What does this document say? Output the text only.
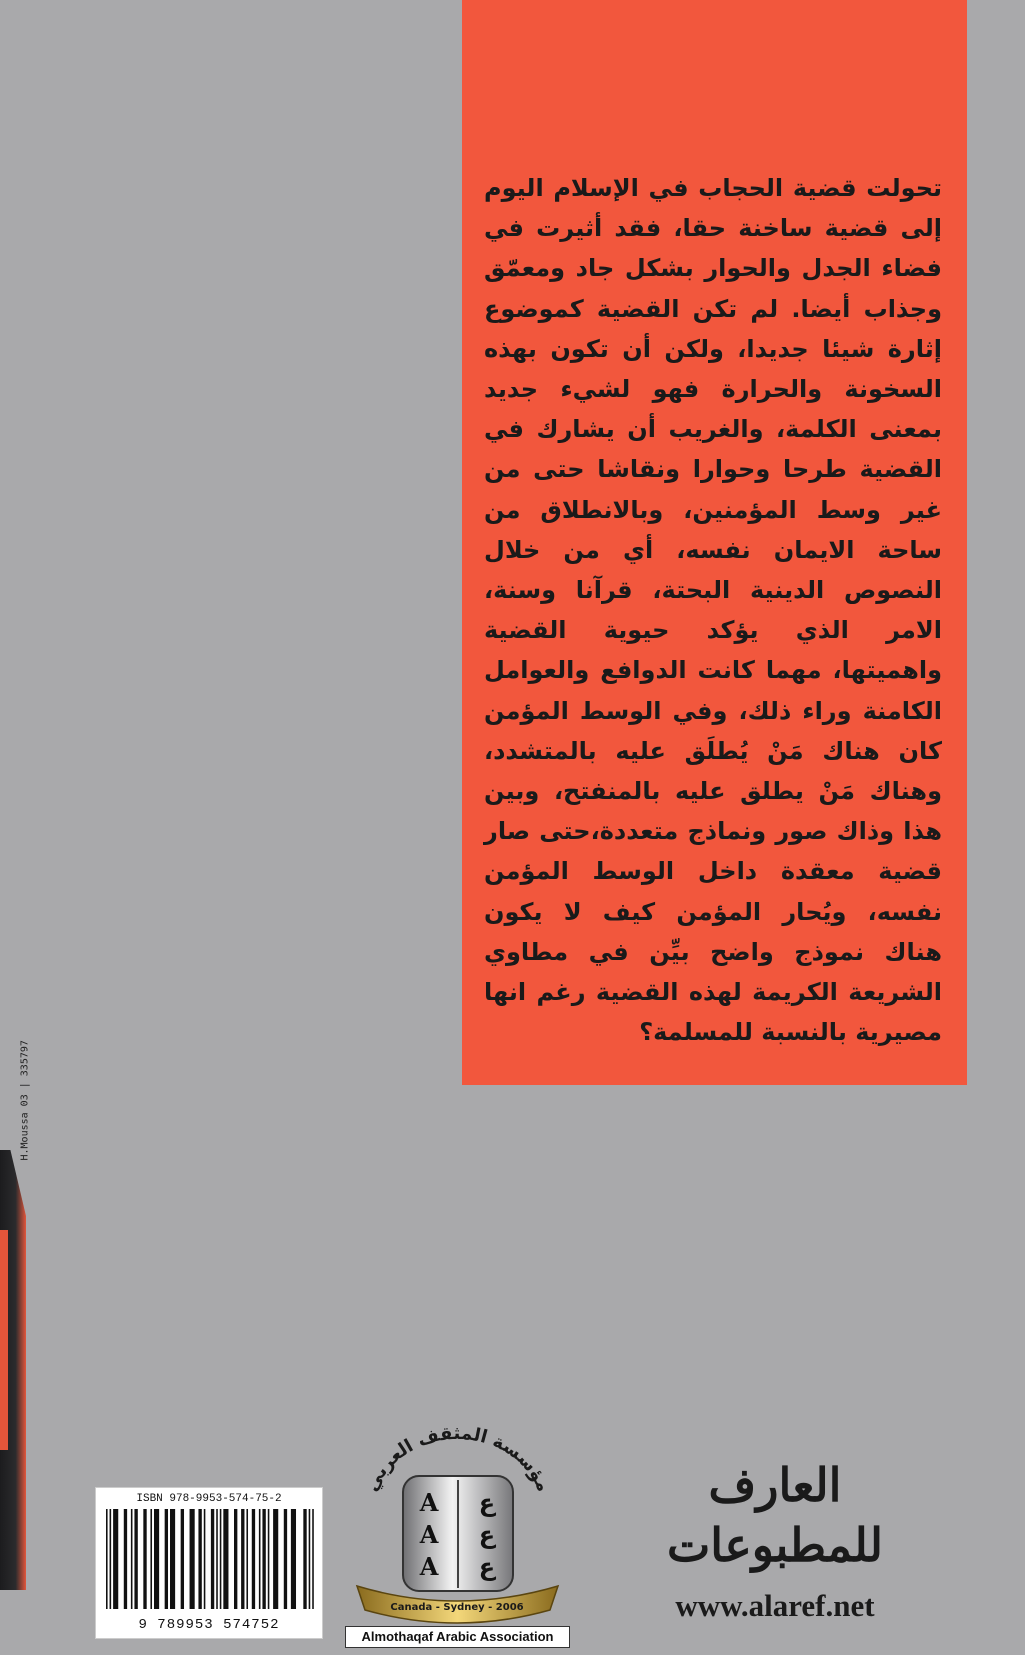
H.Moussa 03 | 335797

تحولت قضية الحجاب في الإسلام اليوم إلى قضية ساخنة حقا، فقد أثيرت في فضاء الجدل والحوار بشكل جاد ومعمّق وجذاب أيضا. لم تكن القضية كموضوع إثارة شيئا جديدا، ولكن أن تكون بهذه السخونة والحرارة فهو لشيء جديد بمعنى الكلمة، والغريب أن يشارك في القضية طرحا وحوارا ونقاشا حتى من غير وسط المؤمنين، وبالانطلاق من ساحة الايمان نفسه، أي من خلال النصوص الدينية البحتة، قرآنا وسنة، الامر الذي يؤكد حيوية القضية واهميتها، مهما كانت الدوافع والعوامل الكامنة وراء ذلك، وفي الوسط المؤمن كان هناك مَنْ يُطلَق عليه بالمتشدد، وهناك مَنْ يطلق عليه بالمنفتح، وبين هذا وذاك صور ونماذج متعددة،حتى صار قضية معقدة داخل الوسط المؤمن نفسه، ويُحار المؤمن كيف لا يكون هناك نموذج واضح بيِّن في مطاوي الشريعة الكريمة لهذه القضية رغم انها مصيرية بالنسبة للمسلمة؟

ISBN 978-9953-574-75-2
9 789953 574752
مؤسسة المثقف العربي
A
A
A
ع
ع
ع
Canada - Sydney - 2006
Almothaqaf Arabic Association
العارف للمطبوعات
www.alaref.net
